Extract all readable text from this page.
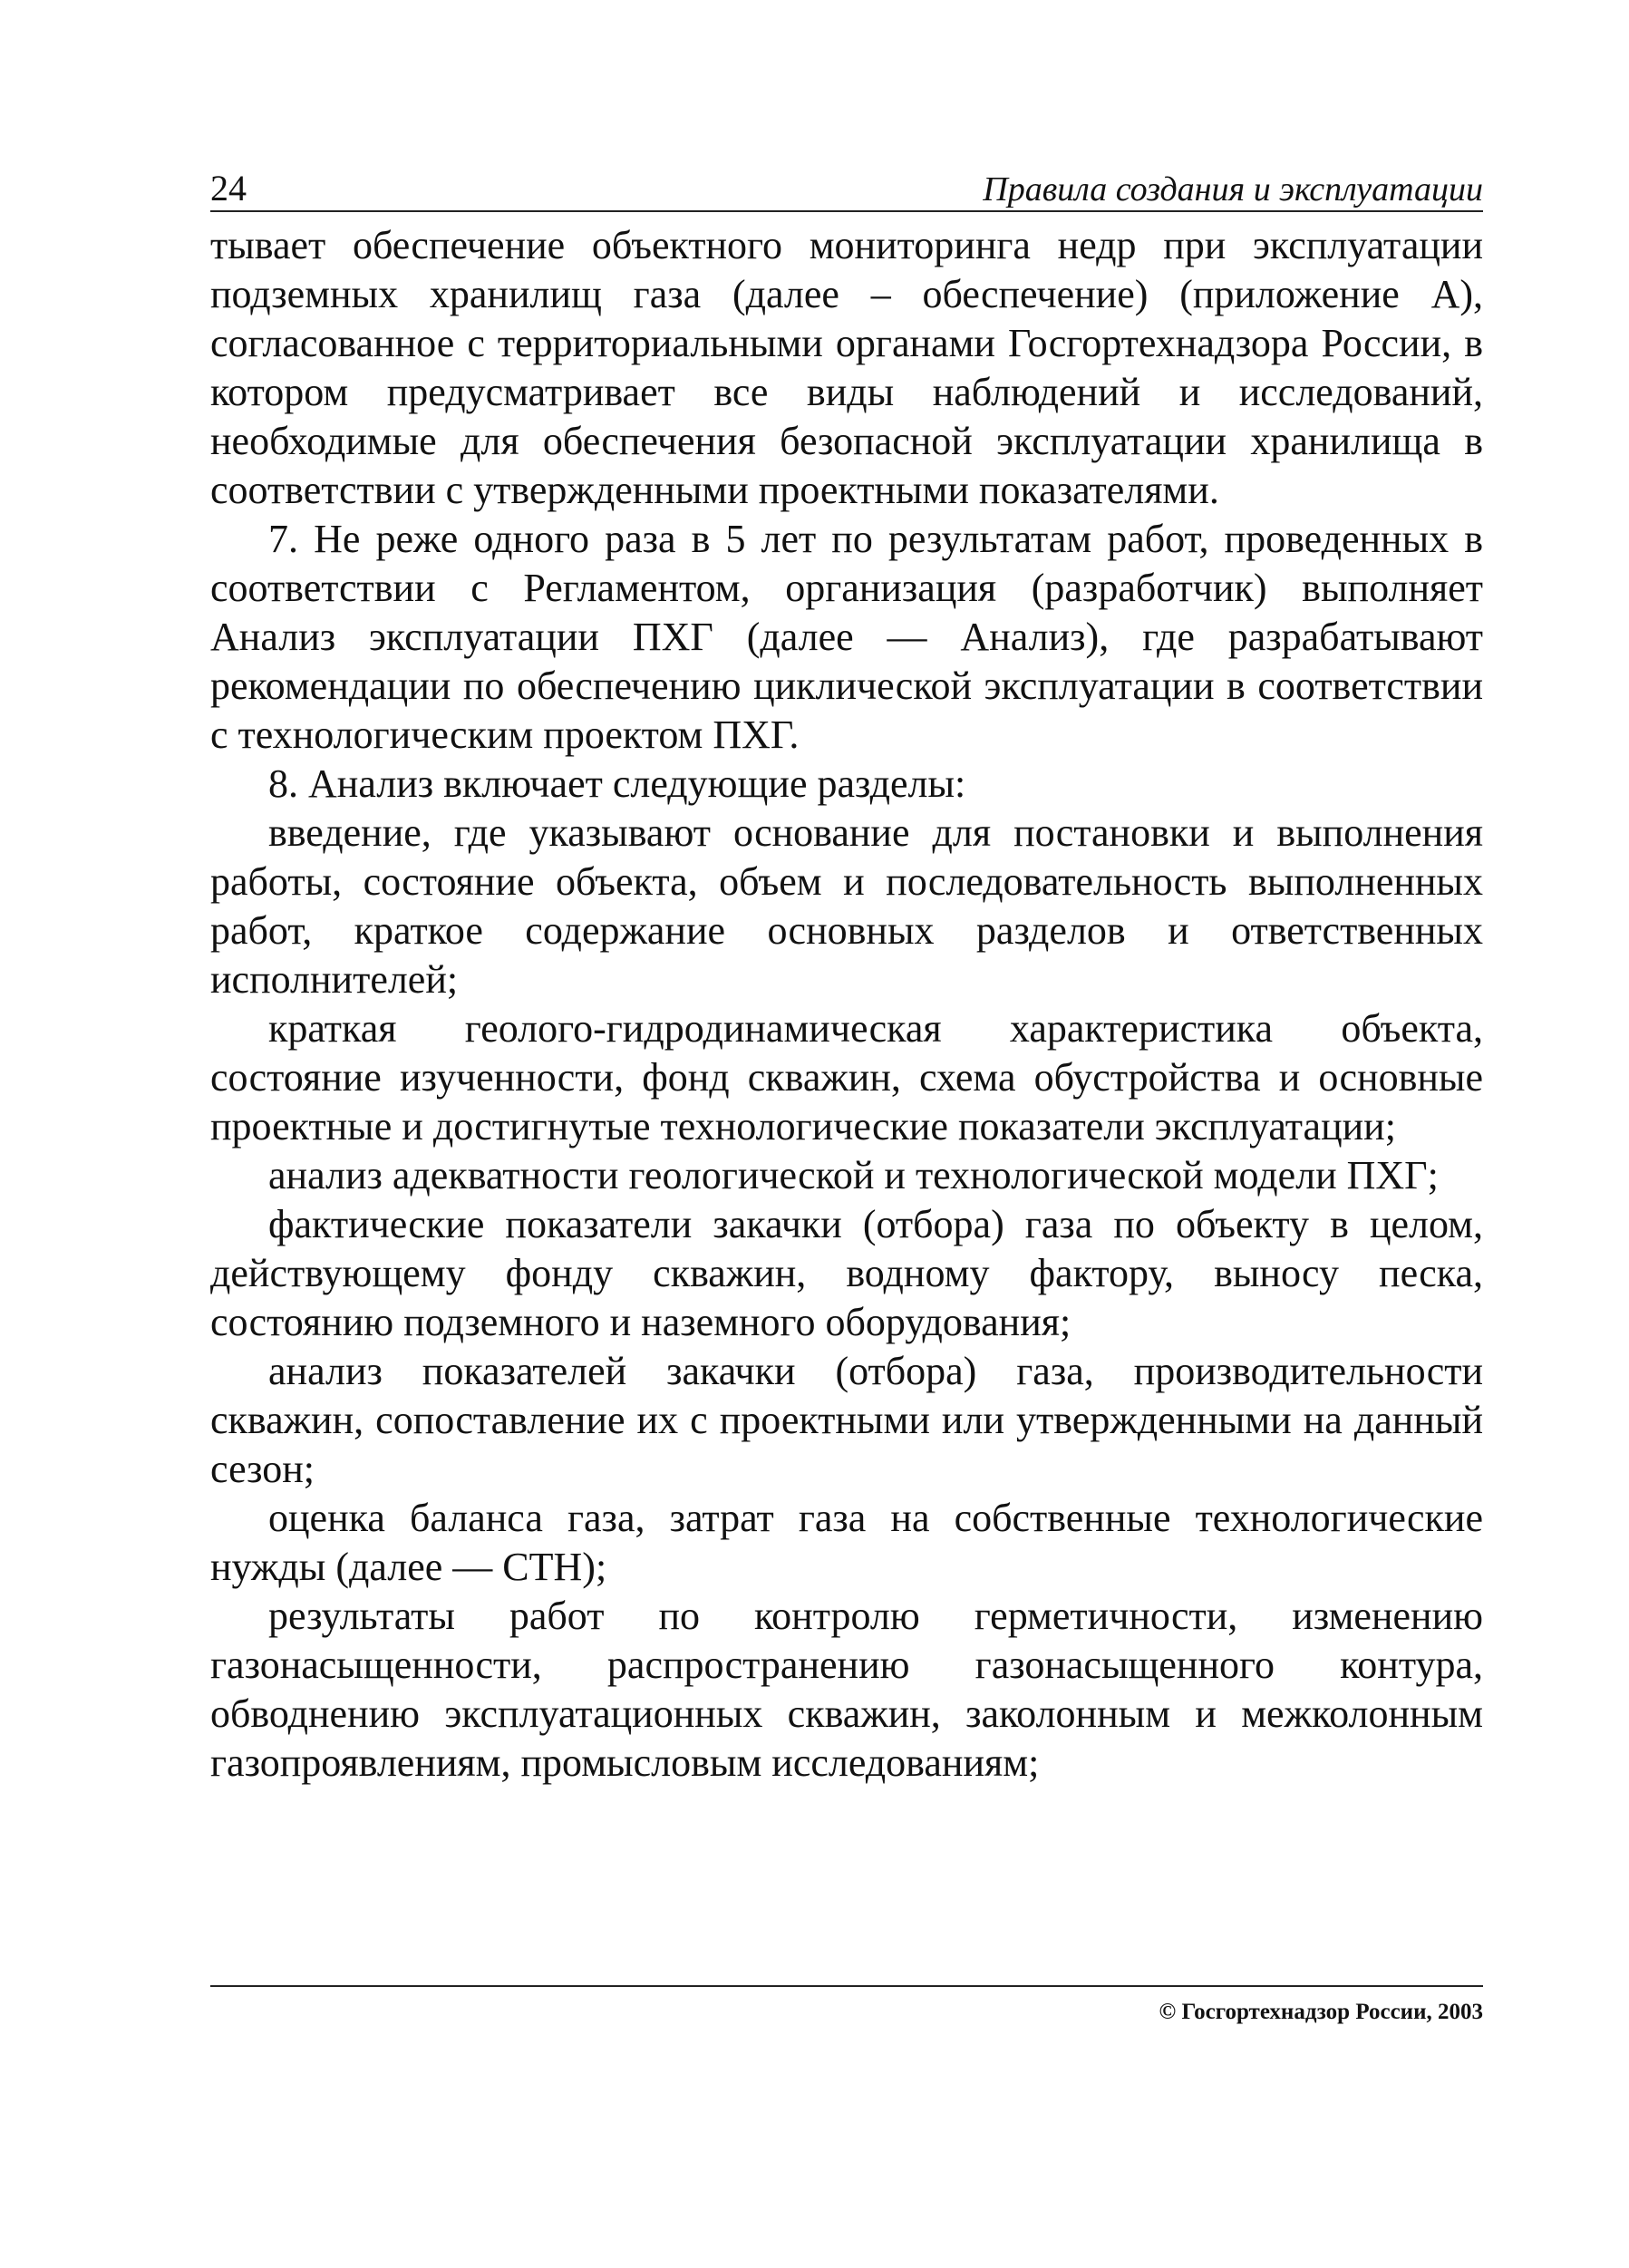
24	Правила создания и эксплуатации

тывает обеспечение объектного мониторинга недр при эксплуатации подземных хранилищ газа (далее – обеспечение) (приложение А), согласованное с территориальными органами Госгортехнадзора России, в котором предусматривает все виды наблюдений и исследований, необходимые для обеспечения безопасной эксплуатации хранилища в соответствии с утвержденными проектными показателями.

7. Не реже одного раза в 5 лет по результатам работ, проведенных в соответствии с Регламентом, организация (разработчик) выполняет Анализ эксплуатации ПХГ (далее — Анализ), где разрабатывают рекомендации по обеспечению циклической эксплуатации в соответствии с технологическим проектом ПХГ.

8. Анализ включает следующие разделы:

введение, где указывают основание для постановки и выполнения работы, состояние объекта, объем и последовательность выполненных работ, краткое содержание основных разделов и ответственных исполнителей;

краткая геолого-гидродинамическая характеристика объекта, состояние изученности, фонд скважин, схема обустройства и основные проектные и достигнутые технологические показатели эксплуатации;

анализ адекватности геологической и технологической модели ПХГ;

фактические показатели закачки (отбора) газа по объекту в целом, действующему фонду скважин, водному фактору, выносу песка, состоянию подземного и наземного оборудования;

анализ показателей закачки (отбора) газа, производительности скважин, сопоставление их с проектными или утвержденными на данный сезон;

оценка баланса газа, затрат газа на собственные технологические нужды (далее — СТН);

результаты работ по контролю герметичности, изменению газонасыщенности, распространению газонасыщенного контура, обводнению эксплуатационных скважин, заколонным и межколонным газопроявлениям, промысловым исследованиям;

© Госгортехнадзор России, 2003
